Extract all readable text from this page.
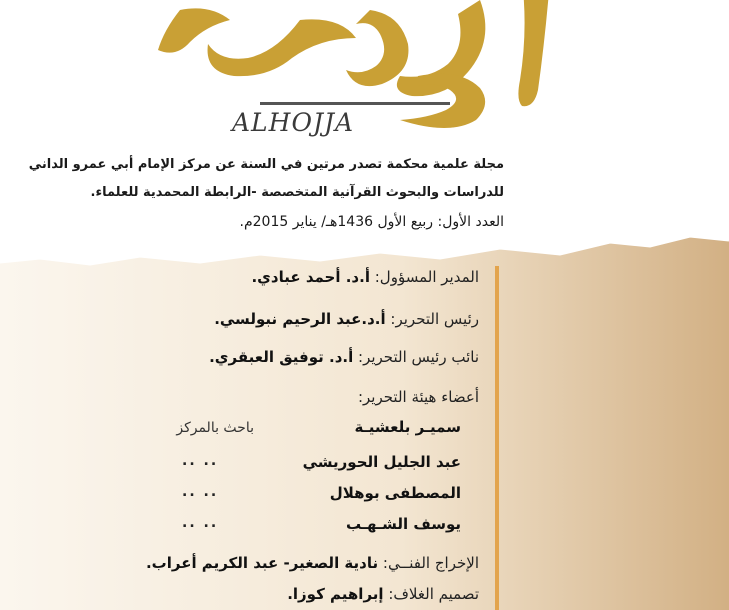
ALHOJJA
مجلة علمية محكمة تصدر مرتين في السنة عن مركز الإمام أبي عمرو الداني
للدراسات والبحوث القرآنية المتخصصة -الرابطة المحمدية للعلماء.
العدد الأول: ربيع الأول 1436هـ/ يناير 2015م.
المدير المسؤول: أ.د. أحمد عبادي.
رئيس التحرير: أ.د.عبد الرحيم نبولسي.
نائب رئيس التحرير: أ.د. توفيق العبقري.
أعضاء هيئة التحرير:
سميـر بلعشيـة
باحث بالمركز
عبد الجليل الحوريشي
.. ..
المصطفى بوهلال
.. ..
يوسف الشـهـب
.. ..
الإخراج الفنــي: نادية الصغير- عبد الكريم أعراب.
تصميم الغلاف: إبراهيم كوزا.
